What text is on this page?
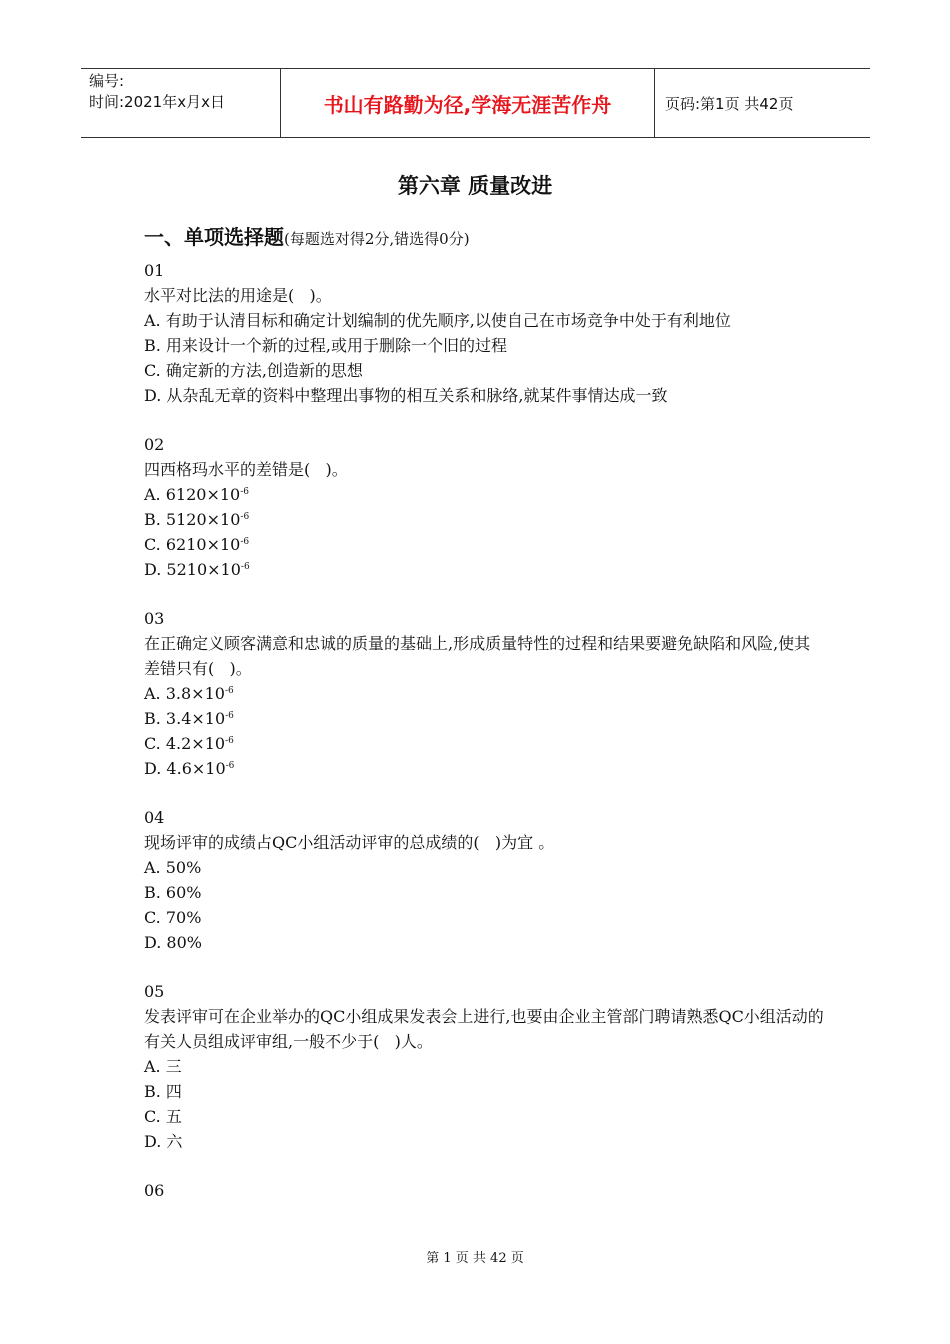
编号:
时间:2021年x月x日	书山有路勤为径,学海无涯苦作舟	页码:第1页 共42页
第六章 质量改进
一、单项选择题(每题选对得2分,错选得0分)
01
水平对比法的用途是(   )。
A. 有助于认清目标和确定计划编制的优先顺序,以使自己在市场竞争中处于有利地位
B. 用来设计一个新的过程,或用于删除一个旧的过程
C. 确定新的方法,创造新的思想
D. 从杂乱无章的资料中整理出事物的相互关系和脉络,就某件事情达成一致
02
四西格玛水平的差错是(   )。
A. $6120\times 10^{-6}$
B. $5120\times 10^{-6}$
C. $6210\times 10^{-6}$
D. $5210\times 10^{-6}$
03
在正确定义顾客满意和忠诚的质量的基础上,形成质量特性的过程和结果要避免缺陷和风险,使其差错只有(   )。
A. $3.8\times 10^{-6}$
B. $3.4\times 10^{-6}$
C. $4.2\times 10^{-6}$
D. $4.6\times 10^{-6}$
04
现场评审的成绩占QC小组活动评审的总成绩的(   )为宜 。
A. 50%
B. 60%
C. 70%
D. 80%
05
发表评审可在企业举办的QC小组成果发表会上进行,也要由企业主管部门聘请熟悉QC小组活动的有关人员组成评审组,一般不少于(   )人。
A. 三
B. 四
C. 五
D. 六
06
第 1 页 共 42 页
